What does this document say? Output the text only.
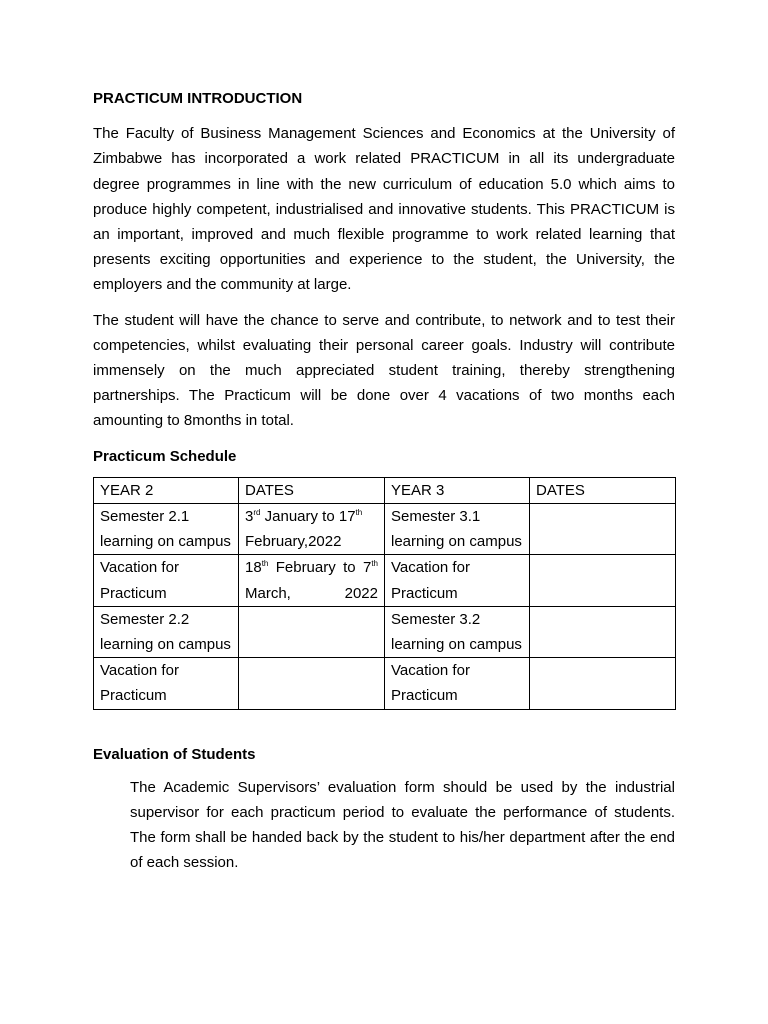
PRACTICUM INTRODUCTION

The Faculty of Business Management Sciences and Economics at the University of Zimbabwe has incorporated a work related PRACTICUM in all its undergraduate degree programmes in line with the new curriculum of education 5.0 which aims to produce highly competent, industrialised and innovative students. This PRACTICUM is an important, improved and much flexible programme to work related learning that presents exciting opportunities and experience to the student, the University, the employers and the community at large.

The student will have the chance to serve and contribute, to network and to test their competencies, whilst evaluating their personal career goals. Industry will contribute immensely on the much appreciated student training, thereby strengthening partnerships. The Practicum will be done over 4 vacations of two months each amounting to 8months in total.

Practicum Schedule
YEAR 2	DATES	YEAR 3	DATES
Semester 2.1 learning on campus	3rd January to 17th February,2022	Semester 3.1 learning on campus	
Vacation for Practicum	18th February to 7th March, 2022	Vacation for Practicum	
Semester 2.2 learning on campus		Semester 3.2 learning on campus	
Vacation for Practicum		Vacation for Practicum	
Evaluation of Students

The Academic Supervisors’ evaluation form should be used by the industrial supervisor for each practicum period to evaluate the performance of students. The form shall be handed back by the student to his/her department after the end of each session.
